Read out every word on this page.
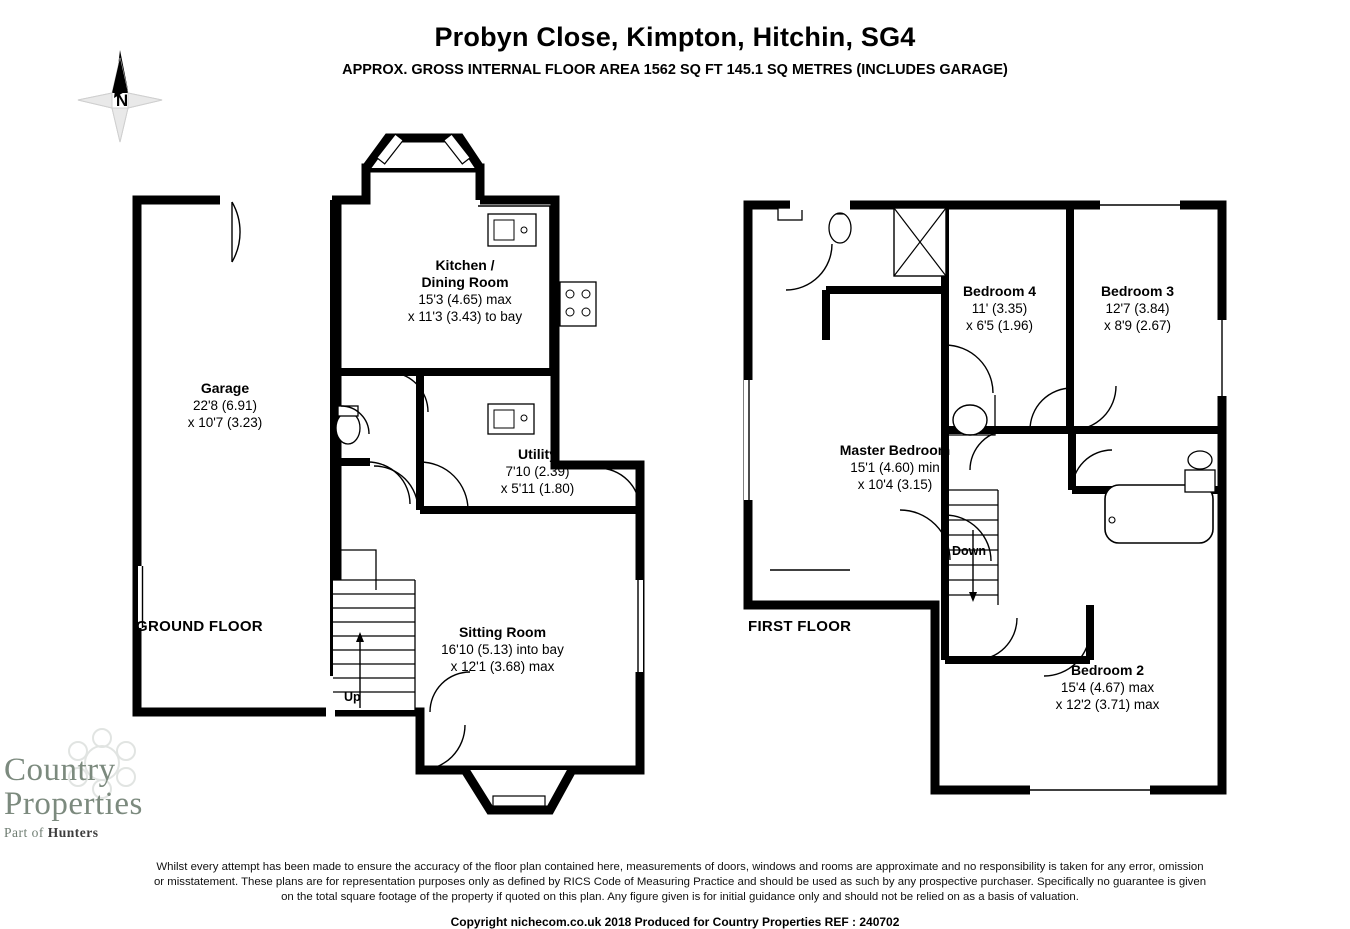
Probyn Close, Kimpton, Hitchin, SG4
APPROX. GROSS INTERNAL FLOOR AREA 1562 SQ FT 145.1 SQ METRES (INCLUDES GARAGE)
N
Garage
22'8 (6.91)
x 10'7 (3.23)
Kitchen /
Dining Room
15'3 (4.65) max
x 11'3 (3.43) to bay
Utility
7'10 (2.39)
x 5'11 (1.80)
Sitting Room
16'10 (5.13) into bay
x 12'1 (3.68) max
Up
GROUND FLOOR
Master Bedroom
15'1 (4.60) min
x 10'4 (3.15)
Bedroom 4
11' (3.35)
x 6'5 (1.96)
Bedroom 3
12'7 (3.84)
x 8'9 (2.67)
Bedroom 2
15'4 (4.67) max
x 12'2 (3.71) max
Down
FIRST FLOOR
Country
Properties
Part of Hunters
Whilst every attempt has been made to ensure the accuracy of the floor plan contained here, measurements of doors, windows and rooms are approximate and no responsibility is taken for any error, omission or misstatement. These plans are for representation purposes only as defined by RICS Code of Measuring Practice and should be used as such by any prospective purchaser. Specifically no guarantee is given on the total square footage of the property if quoted on this plan. Any figure given is for initial guidance only and should not be relied on as a basis of valuation.
Copyright nichecom.co.uk 2018 Produced for Country Properties REF : 240702
